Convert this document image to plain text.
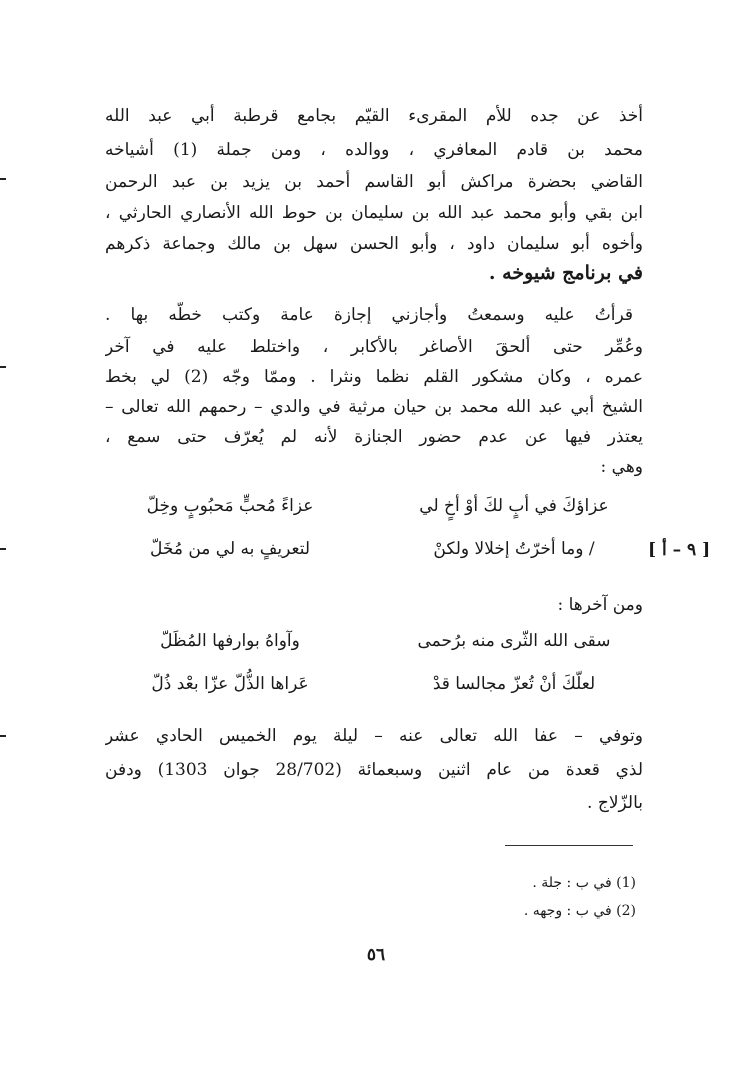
أخذ عن جده للأم المقرىء القيّم بجامع قرطبة أبي عبد الله
محمد بن قادم المعافري ، ووالده ، ومن جملة (1) أشياخه
القاضي بحضرة مراكش أبو القاسم أحمد بن يزيد بن عبد الرحمن
ابن بقي وأبو محمد عبد الله بن سليمان بن حوط الله الأنصاري الحارثي ،
وأخوه أبو سليمان داود ، وأبو الحسن سهل بن مالك وجماعة ذكرهم
في برنامج شيوخه .
قرأتُ عليه وسمعتُ وأجازني إجازة عامة وكتب خطّه بها .
وعُمِّر حتى ألحقَ الأصاغر بالأكابر ، واختلط عليه في آخر
عمره ، وكان مشكور القلم نظما ونثرا . وممّا وجّه (2) لي بخط
الشيخ أبي عبد الله محمد بن حيان مرثية في والدي – رحمهم الله تعالى –
يعتذر فيها عن عدم حضور الجنازة لأنه لم يُعرّف حتى سمع ،
وهي :
عزاؤكَ في أبٍ لكَ أوْ أخٍ لي
عزاءً مُحبٍّ مَحبُوبٍ وخِلّ
/ وما أخرّتُ إخلالا ولكنْ
لتعريفٍ به لي من مُخَلّ	[ ٩ – أ ]
ومن آخرها :
سقى الله الثّرى منه برُحمى
وآواهُ بوارفها المُظَلّ
لعلّكَ أنْ تُعزّ مجالسا قدْ
عَراها الذُّلّ عزّا بعْد ذُلّ
وتوفي – عفا الله تعالى عنه – ليلة يوم الخميس الحادي عشر
لذي قعدة من عام اثنين وسبعمائة (28/702 جوان 1303) ودفن
بالزّلاج .
(1) في ب : جلة .
(2) في ب : وجهه .
٥٦
